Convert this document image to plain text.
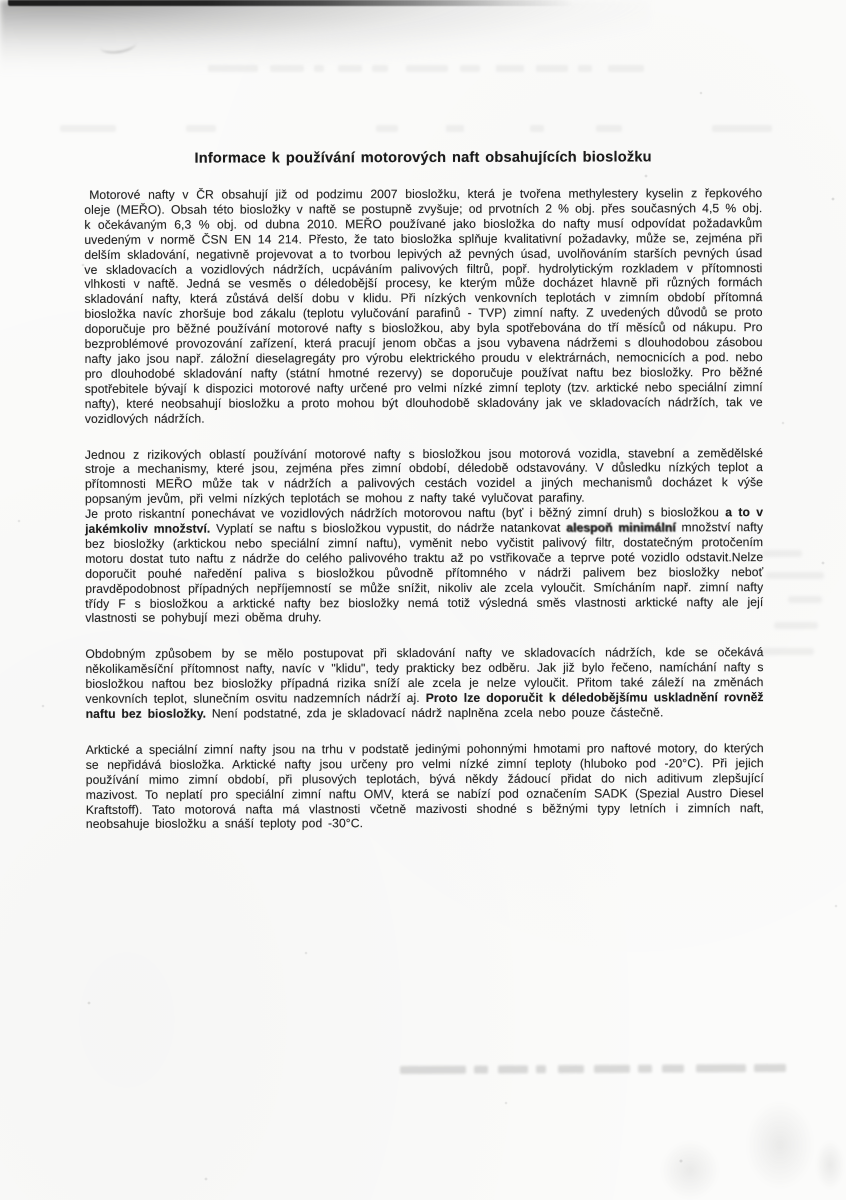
Informace k používání motorových naft obsahujících biosložku

Motorové nafty v ČR obsahují již od podzimu 2007 biosložku, která je tvořena methylestery kyselin z řepkového oleje (MEŘO). Obsah této biosložky v naftě se postupně zvyšuje; od prvotních 2 % obj. přes současných 4,5 % obj. k očekávaným 6,3 % obj. od dubna 2010. MEŘO používané jako biosložka do nafty musí odpovídat požadavkům uvedeným v normě ČSN EN 14 214. Přesto, že tato biosložka splňuje kvalitativní požadavky, může se, zejména při delším skladování, negativně projevovat a to tvorbou lepivých až pevných úsad, uvolňováním starších pevných úsad ve skladovacích a vozidlových nádržích, ucpáváním palivových filtrů, popř. hydrolytickým rozkladem v přítomnosti vlhkosti v naftě. Jedná se vesměs o déledobější procesy, ke kterým může docházet hlavně při různých formách skladování nafty, která zůstává delší dobu v klidu. Při nízkých venkovních teplotách v zimním období přítomná biosložka navíc zhoršuje bod zákalu (teplotu vylučování parafinů - TVP) zimní nafty. Z uvedených důvodů se proto doporučuje pro běžné používání motorové nafty s biosložkou, aby byla spotřebována do tří měsíců od nákupu. Pro bezproblémové provozování zařízení, která pracují jenom občas a jsou vybavena nádržemi s dlouhodobou zásobou nafty jako jsou např. záložní dieselagregáty pro výrobu elektrického proudu v elektrárnách, nemocnicích a pod. nebo pro dlouhodobé skladování nafty (státní hmotné rezervy) se doporučuje používat naftu bez biosložky. Pro běžné spotřebitele bývají k dispozici motorové nafty určené pro velmi nízké zimní teploty (tzv. arktické nebo speciální zimní nafty), které neobsahují biosložku a proto mohou být dlouhodobě skladovány jak ve skladovacích nádržích, tak ve vozidlových nádržích.

Jednou z rizikových oblastí používání motorové nafty s biosložkou jsou motorová vozidla, stavební a zemědělské stroje a mechanismy, které jsou, zejména přes zimní období, déledobě odstavovány. V důsledku nízkých teplot a přítomnosti MEŘO může tak v nádržích a palivových cestách vozidel a jiných mechanismů docházet k výše popsaným jevům, při velmi nízkých teplotách se mohou z nafty také vylučovat parafiny.

Je proto riskantní ponechávat ve vozidlových nádržích motorovou naftu (byť i běžný zimní druh) s biosložkou a to v jakémkoliv množství. Vyplatí se naftu s biosložkou vypustit, do nádrže natankovat alespoň minimální množství nafty bez biosložky (arktickou nebo speciální zimní naftu), vyměnit nebo vyčistit palivový filtr, dostatečným protočením motoru dostat tuto naftu z nádrže do celého palivového traktu až po vstřikovače a teprve poté vozidlo odstavit.Nelze doporučit pouhé naředění paliva s biosložkou původně přítomného v nádrži palivem bez biosložky neboť pravděpodobnost případných nepříjemností se může snížit, nikoliv ale zcela vyloučit. Smícháním např. zimní nafty třídy F s biosložkou a arktické nafty bez biosložky nemá totiž výsledná směs vlastnosti arktické nafty ale její vlastnosti se pohybují mezi oběma druhy.

Obdobným způsobem by se mělo postupovat při skladování nafty ve skladovacích nádržích, kde se očekává několikaměsíční přítomnost nafty, navíc v "klidu", tedy prakticky bez odběru. Jak již bylo řečeno, namíchání nafty s biosložkou naftou bez biosložky případná rizika sníží ale zcela je nelze vyloučit. Přitom také záleží na změnách venkovních teplot, slunečním osvitu nadzemních nádrží aj. Proto lze doporučit k déledobějšímu uskladnění rovněž naftu bez biosložky. Není podstatné, zda je skladovací nádrž naplněna zcela nebo pouze částečně.

Arktické a speciální zimní nafty jsou na trhu v podstatě jedinými pohonnými hmotami pro naftové motory, do kterých se nepřidává biosložka. Arktické nafty jsou určeny pro velmi nízké zimní teploty (hluboko pod -20°C). Při jejich používání mimo zimní období, při plusových teplotách, bývá někdy žádoucí přidat do nich aditivum zlepšující mazivost. To neplatí pro speciální zimní naftu OMV, která se nabízí pod označením SADK (Spezial Austro Diesel Kraftstoff). Tato motorová nafta má vlastnosti včetně mazivosti shodné s běžnými typy letních i zimních naft, neobsahuje biosložku a snáší teploty pod -30°C.
